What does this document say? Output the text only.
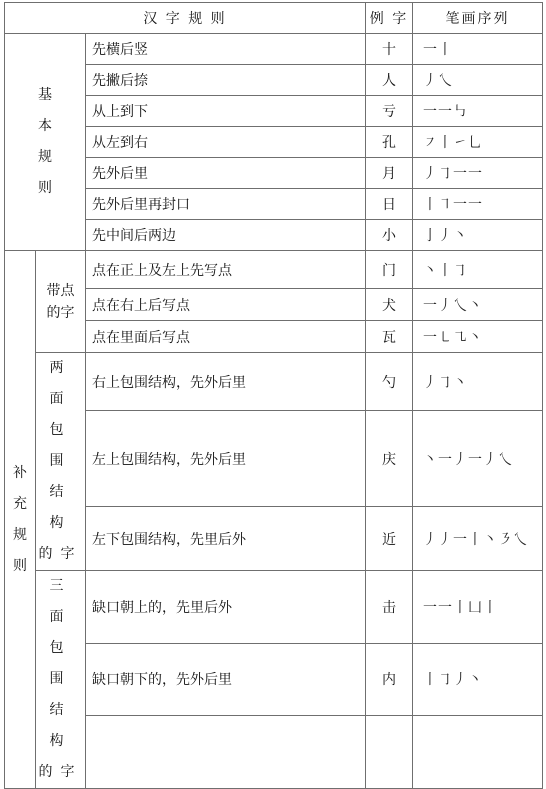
汉 字 规 则			例 字	笔画序列

基
本
规
则		先横后竖	十	一丨
		先撇后捺	人	丿乀
		从上到下	亏	一一㇉
		从左到右	孔	㇇丨㇀乚
		先外后里	月	丿㇆一一
		先外后里再封口	日	丨㇕一一
		先中间后两边	小	亅丿丶

补
充
规
则	带点
的字	点在正上及左上先写点	门	丶丨㇆
		点在右上后写点	犬	一丿乀丶
		点在里面后写点	瓦	一㇄㇈丶

	两 面
包 围
结 构
的字	右上包围结构，先外后里	勺	丿㇆丶
		左上包围结构，先外后里	庆	丶一丿一丿乀
		左下包围结构，先里后外	近	丿丿一丨丶㇋乀

	三 面
包 围
结 构
的字	缺口朝上的，先里后外	击	一一丨凵丨
		缺口朝下的，先外后里	内	丨㇆丿丶
